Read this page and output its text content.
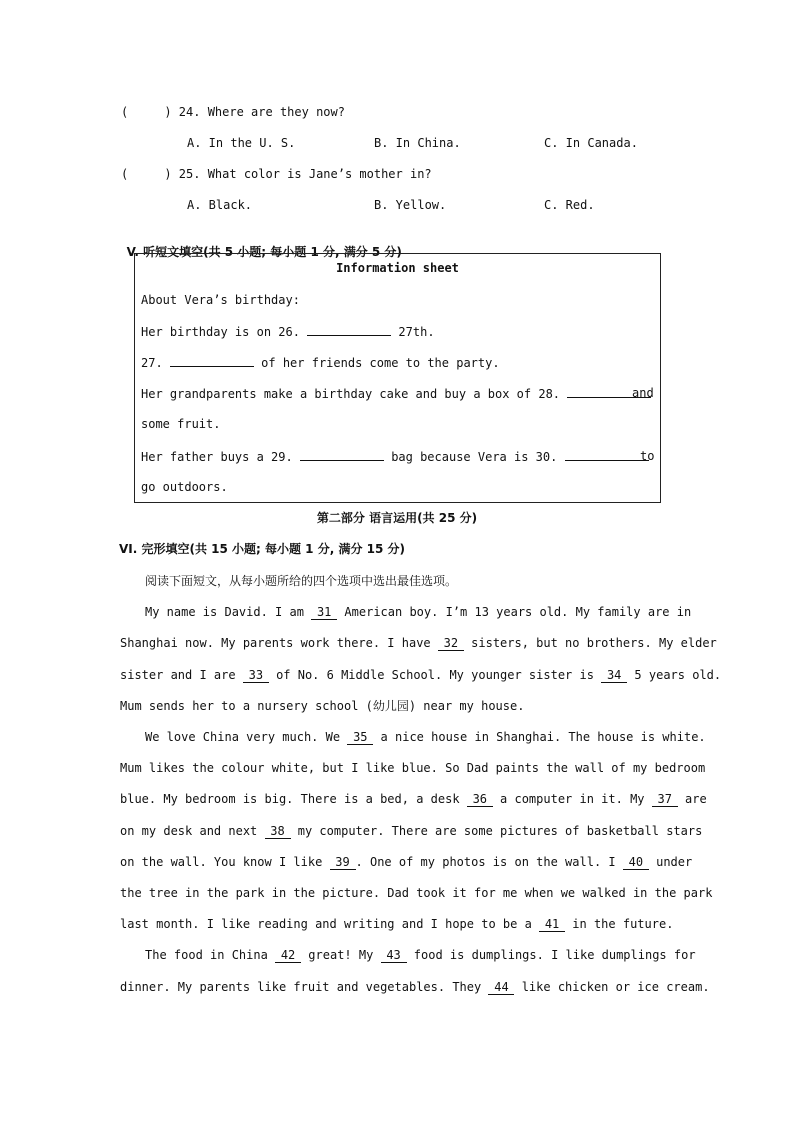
(     ) 24. Where are they now?
A. In the U. S.	B. In China.	C. In Canada.
(     ) 25. What color is Jane’s mother in?
A. Black.	B. Yellow.	C. Red.

V. 听短文填空(共 5 小题; 每小题 1 分, 满分 5 分)

Information sheet
About Vera’s birthday:
Her birthday is on 26.	27th.
27.	of her friends come to the party.
Her grandparents make a birthday cake and buy a box of 28.	and
some fruit.
Her father buys a 29.	bag because Vera is 30.	to
go outdoors.
第二部分 语言运用(共 25 分)
VI. 完形填空(共 15 小题; 每小题 1 分, 满分 15 分)
阅读下面短文，从每小题所给的四个选项中选出最佳选项。
My name is David. I am 31 American boy. I’m 13 years old. My family are in
Shanghai now. My parents work there. I have 32 sisters, but no brothers. My elder
sister and I are 33 of No. 6 Middle School. My younger sister is 34 5 years old.
Mum sends her to a nursery school (幼儿园) near my house.
We love China very much. We 35 a nice house in Shanghai. The house is white.
Mum likes the colour white, but I like blue. So Dad paints the wall of my bedroom
blue. My bedroom is big. There is a bed, a desk 36 a computer in it. My 37 are
on my desk and next 38 my computer. There are some pictures of basketball stars
on the wall. You know I like 39 . One of my photos is on the wall. I 40 under
the tree in the park in the picture. Dad took it for me when we walked in the park
last month. I like reading and writing and I hope to be a 41 in the future.
The food in China 42 great! My 43 food is dumplings. I like dumplings for
dinner. My parents like fruit and vegetables. They 44 like chicken or ice cream.
